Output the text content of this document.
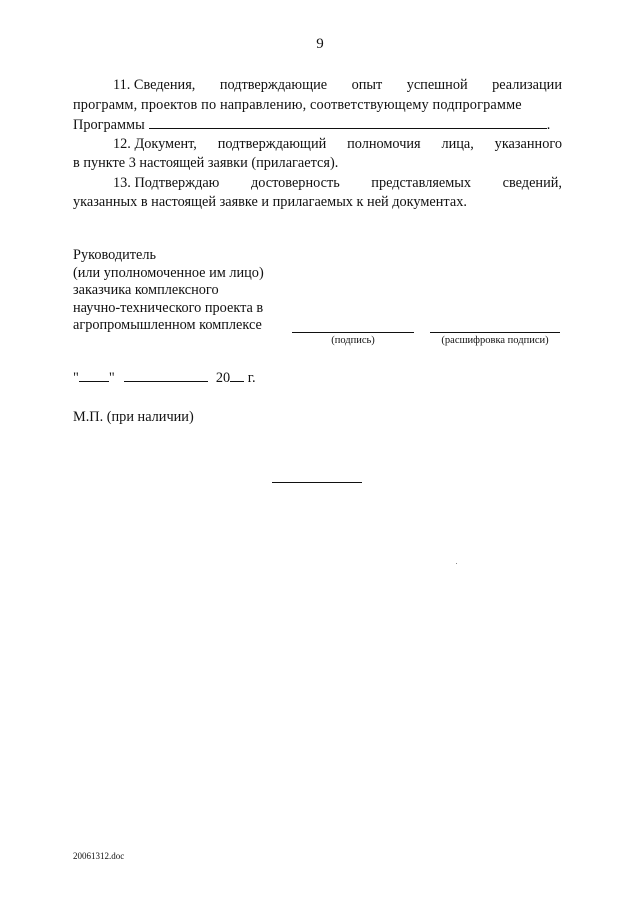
9
11. Сведения, подтверждающие опыт успешной реализации
программ, проектов по направлению, соответствующему подпрограмме
Программы	.
12. Документ, подтверждающий полномочия лица, указанного
в пункте 3 настоящей заявки (прилагается).
13. Подтверждаю достоверность представляемых сведений,
указанных в настоящей заявке и прилагаемых к ней документах.
Руководитель
(или уполномоченное им лицо)
заказчика комплексного
научно-технического проекта в
агропромышленном комплексе
(подпись)	(расшифровка подписи)
" "	20 г.
М.П. (при наличии)
20061312.doc
